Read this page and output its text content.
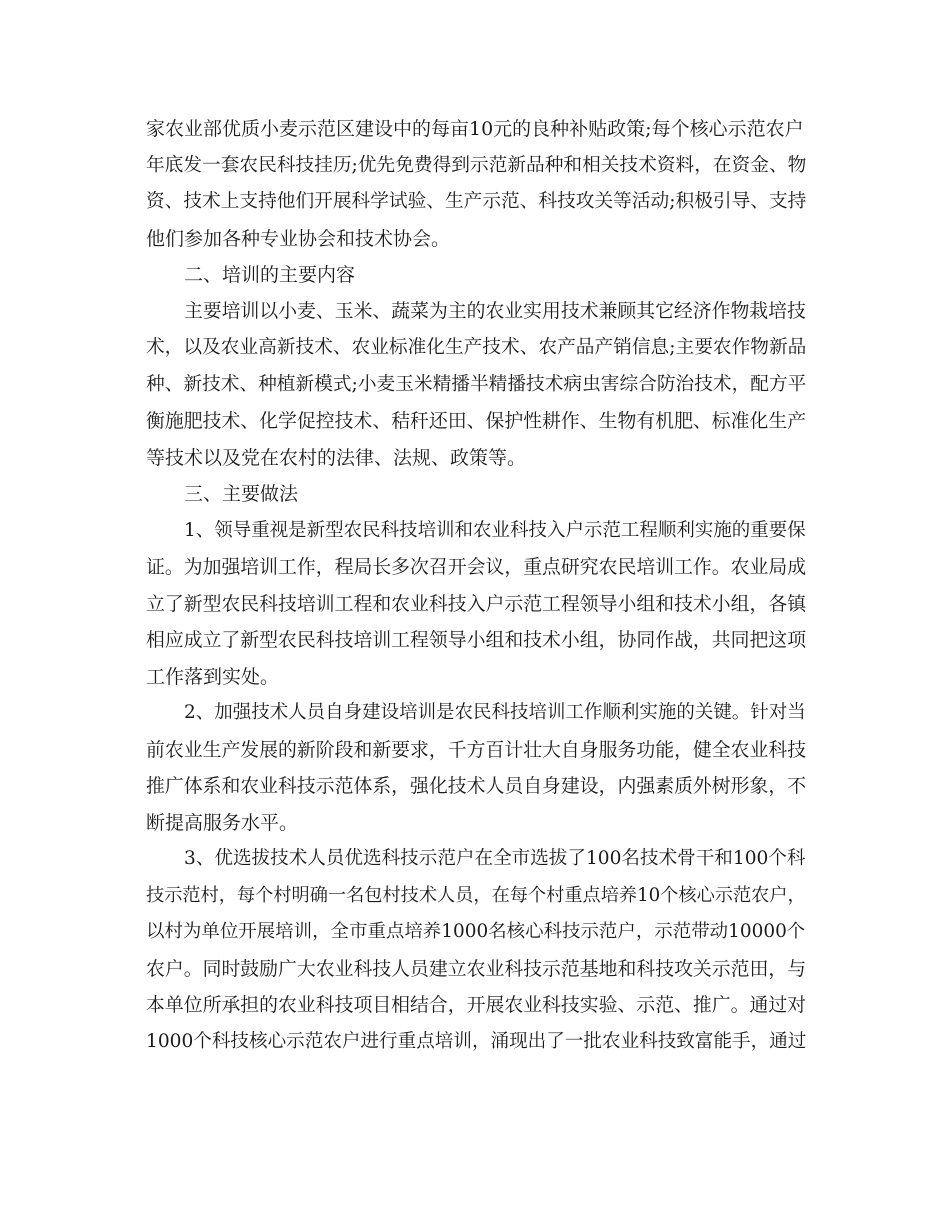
家农业部优质小麦示范区建设中的每亩10元的良种补贴政策;每个核心示范农户
年底发一套农民科技挂历;优先免费得到示范新品种和相关技术资料，在资金、物
资、技术上支持他们开展科学试验、生产示范、科技攻关等活动;积极引导、支持
他们参加各种专业协会和技术协会。
二、培训的主要内容
主要培训以小麦、玉米、蔬菜为主的农业实用技术兼顾其它经济作物栽培技
术，以及农业高新技术、农业标准化生产技术、农产品产销信息;主要农作物新品
种、新技术、种植新模式;小麦玉米精播半精播技术病虫害综合防治技术，配方平
衡施肥技术、化学促控技术、秸秆还田、保护性耕作、生物有机肥、标准化生产
等技术以及党在农村的法律、法规、政策等。
三、主要做法
1、领导重视是新型农民科技培训和农业科技入户示范工程顺利实施的重要保
证。为加强培训工作，程局长多次召开会议，重点研究农民培训工作。农业局成
立了新型农民科技培训工程和农业科技入户示范工程领导小组和技术小组，各镇
相应成立了新型农民科技培训工程领导小组和技术小组，协同作战，共同把这项
工作落到实处。
2、加强技术人员自身建设培训是农民科技培训工作顺利实施的关键。针对当
前农业生产发展的新阶段和新要求，千方百计壮大自身服务功能，健全农业科技
推广体系和农业科技示范体系，强化技术人员自身建设，内强素质外树形象，不
断提高服务水平。
3、优选拔技术人员优选科技示范户在全市选拔了100名技术骨干和100个科
技示范村，每个村明确一名包村技术人员，在每个村重点培养10个核心示范农户，
以村为单位开展培训，全市重点培养1000名核心科技示范户，示范带动10000个
农户。同时鼓励广大农业科技人员建立农业科技示范基地和科技攻关示范田，与
本单位所承担的农业科技项目相结合，开展农业科技实验、示范、推广。通过对
1000个科技核心示范农户进行重点培训，涌现出了一批农业科技致富能手，通过
